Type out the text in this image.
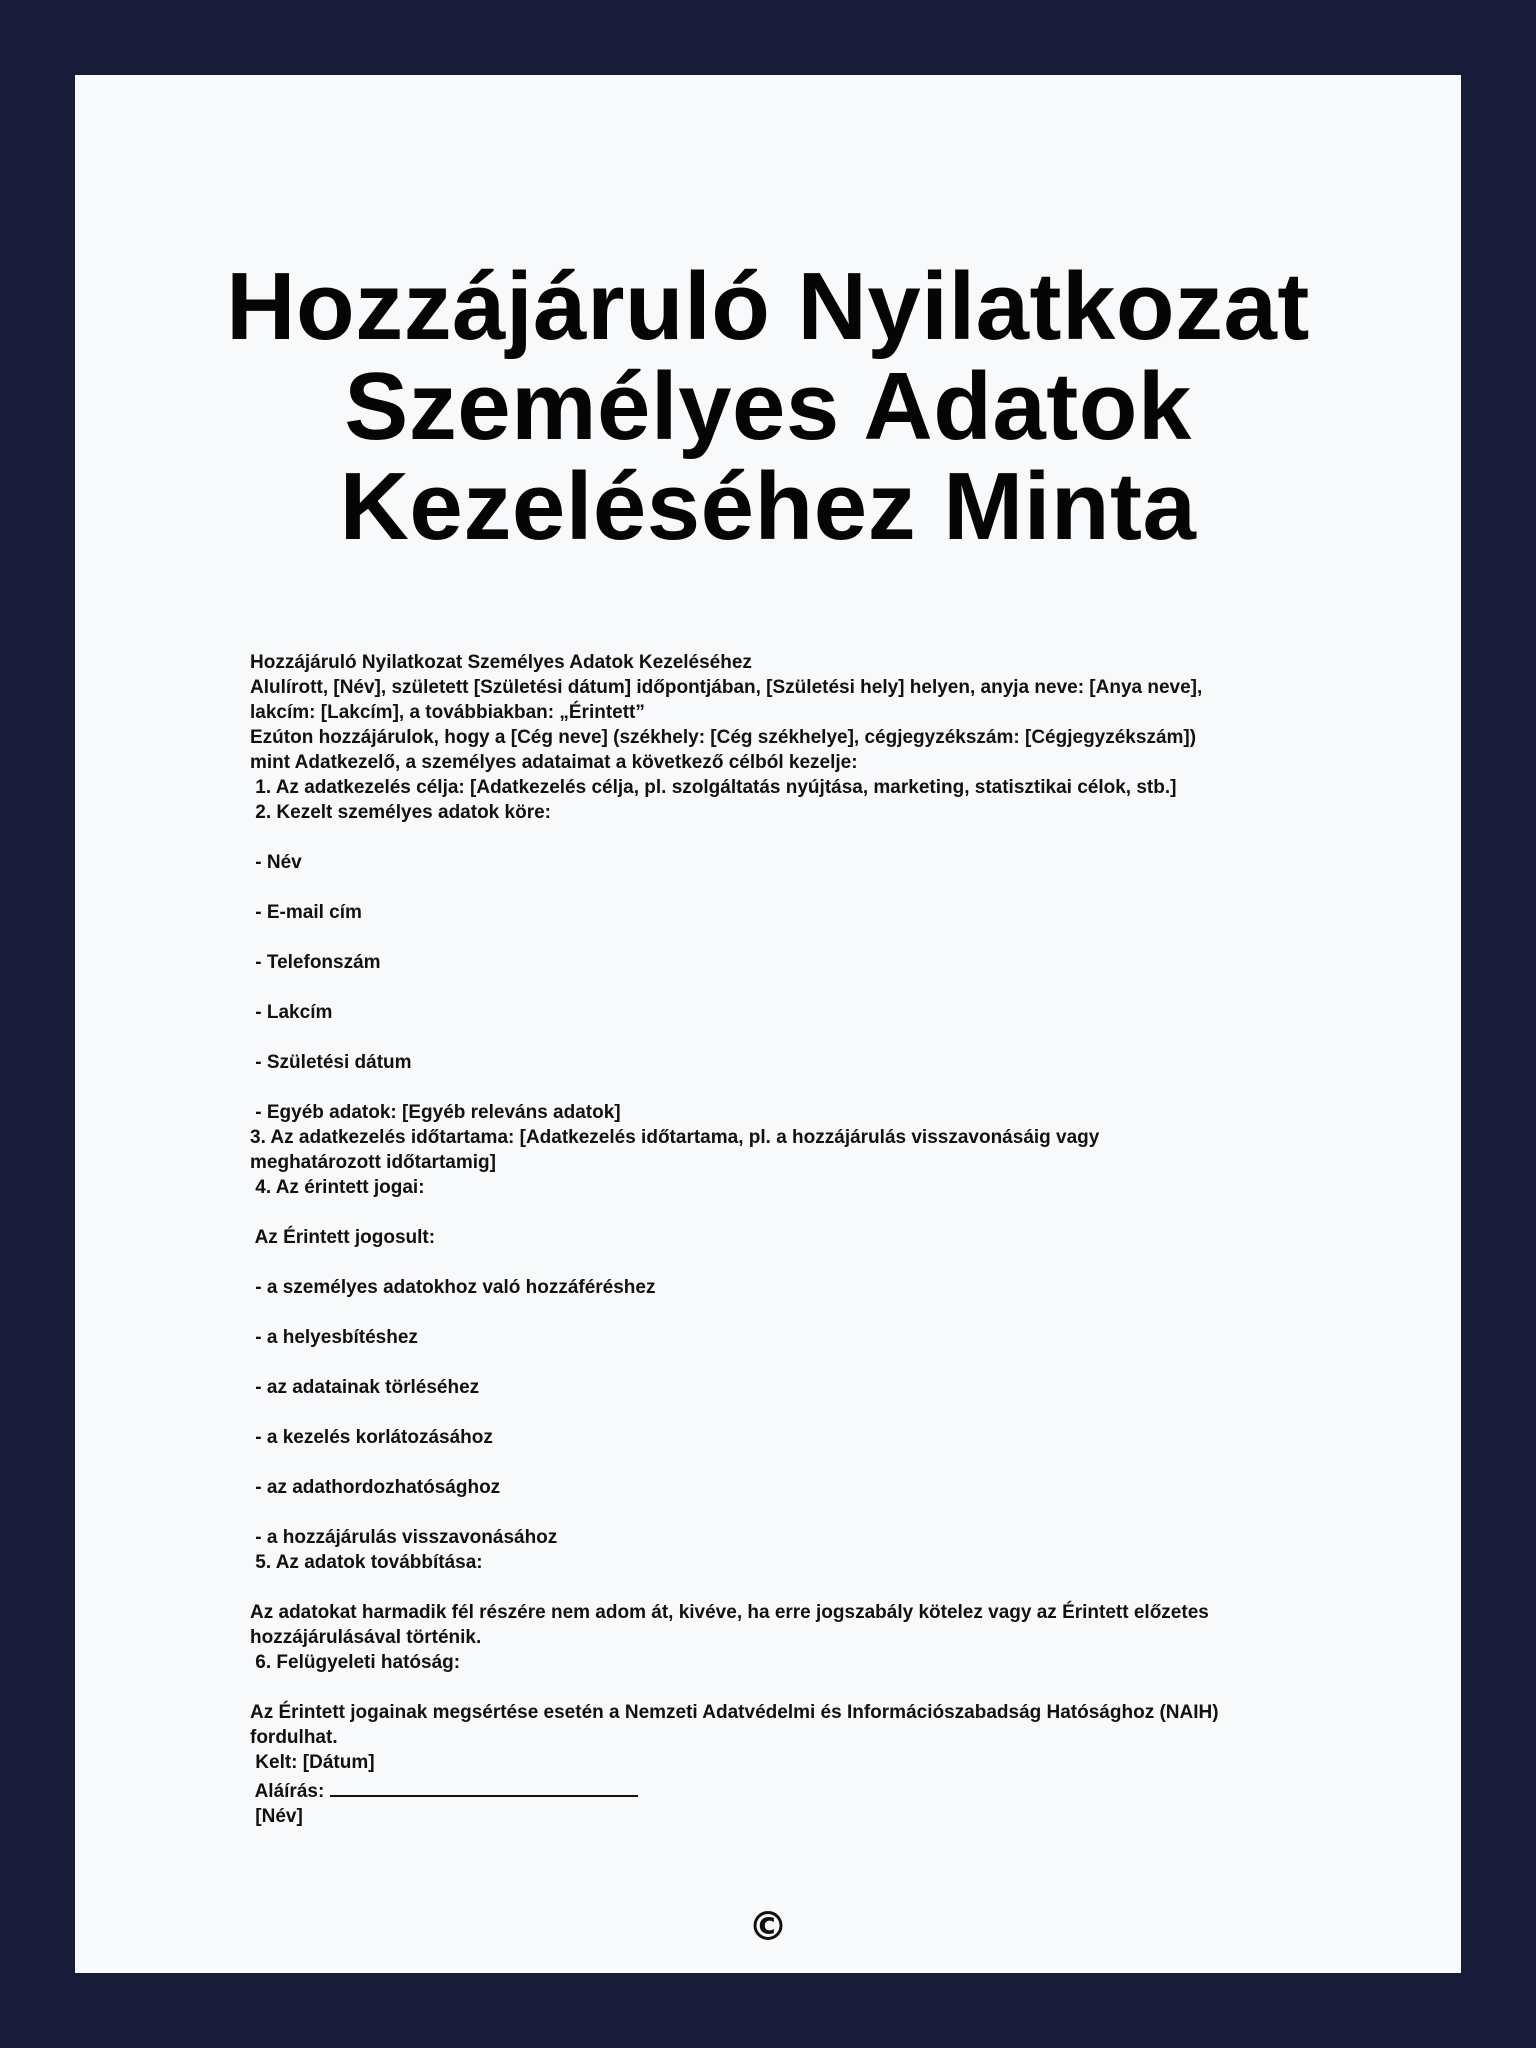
Hozzájáruló Nyilatkozat
Személyes Adatok
Kezeléséhez Minta
Hozzájáruló Nyilatkozat Személyes Adatok Kezeléséhez
Alulírott, [Név], született [Születési dátum] időpontjában, [Születési hely] helyen, anyja neve: [Anya neve],
lakcím: [Lakcím], a továbbiakban: „Érintett”
Ezúton hozzájárulok, hogy a [Cég neve] (székhely: [Cég székhelye], cégjegyzékszám: [Cégjegyzékszám])
mint Adatkezelő, a személyes adataimat a következő célból kezelje:
1. Az adatkezelés célja: [Adatkezelés célja, pl. szolgáltatás nyújtása, marketing, statisztikai célok, stb.]
2. Kezelt személyes adatok köre:
- Név
- E-mail cím
- Telefonszám
- Lakcím
- Születési dátum
- Egyéb adatok: [Egyéb releváns adatok]
3. Az adatkezelés időtartama: [Adatkezelés időtartama, pl. a hozzájárulás visszavonásáig vagy
meghatározott időtartamig]
4. Az érintett jogai:
Az Érintett jogosult:
- a személyes adatokhoz való hozzáféréshez
- a helyesbítéshez
- az adatainak törléséhez
- a kezelés korlátozásához
- az adathordozhatósághoz
- a hozzájárulás visszavonásához
5. Az adatok továbbítása:
Az adatokat harmadik fél részére nem adom át, kivéve, ha erre jogszabály kötelez vagy az Érintett előzetes
hozzájárulásával történik.
6. Felügyeleti hatóság:
Az Érintett jogainak megsértése esetén a Nemzeti Adatvédelmi és Információszabadság Hatósághoz (NAIH)
fordulhat.
Kelt: [Dátum]
Aláírás:
[Név]
©
